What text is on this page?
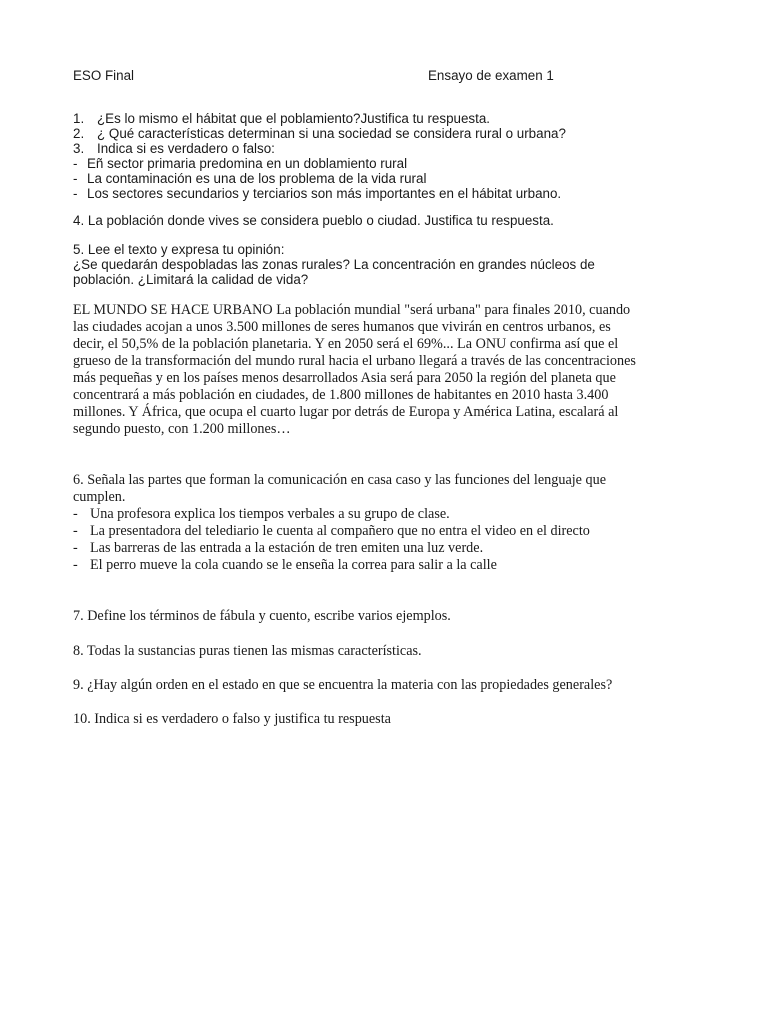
ESO Final	Ensayo de examen 1
1. ¿Es lo mismo el hábitat que el poblamiento?Justifica tu respuesta.
2. ¿ Qué características determinan si una sociedad se considera rural o urbana?
3. Indica si es verdadero o falso:
- Eñ sector primaria predomina en un doblamiento rural
- La contaminación es una de los problema de la vida rural
- Los sectores secundarios y terciarios son más importantes en el hábitat urbano.
4. La población donde vives se considera pueblo o ciudad. Justifica tu respuesta.
5. Lee el texto y expresa tu opinión:
¿Se quedarán despobladas las zonas rurales? La concentración en grandes núcleos de
población. ¿Limitará la calidad de vida?
EL MUNDO SE HACE URBANO La población mundial "será urbana" para finales 2010, cuando
las ciudades acojan a unos 3.500 millones de seres humanos que vivirán en centros urbanos, es
decir, el 50,5% de la población planetaria. Y en 2050 será el 69%... La ONU confirma así que el
grueso de la transformación del mundo rural hacia el urbano llegará a través de las concentraciones
más pequeñas y en los países menos desarrollados Asia será para 2050 la región del planeta que
concentrará a más población en ciudades, de 1.800 millones de habitantes en 2010 hasta 3.400
millones. Y África, que ocupa el cuarto lugar por detrás de Europa y América Latina, escalará al
segundo puesto, con 1.200 millones…
6. Señala las partes que forman la comunicación en casa caso y las funciones del lenguaje que
cumplen.
- Una profesora explica los tiempos verbales a su grupo de clase.
- La presentadora del telediario le cuenta al compañero que no entra el video en el directo
- Las barreras de las entrada a la estación de tren emiten una luz verde.
- El perro mueve la cola cuando se le enseña la correa para salir a la calle
7. Define los términos de fábula y cuento, escribe varios ejemplos.
8. Todas la sustancias puras tienen las mismas características.
9. ¿Hay algún orden en el estado en que se encuentra la materia con las propiedades generales?
10. Indica si es verdadero o falso y justifica tu respuesta
